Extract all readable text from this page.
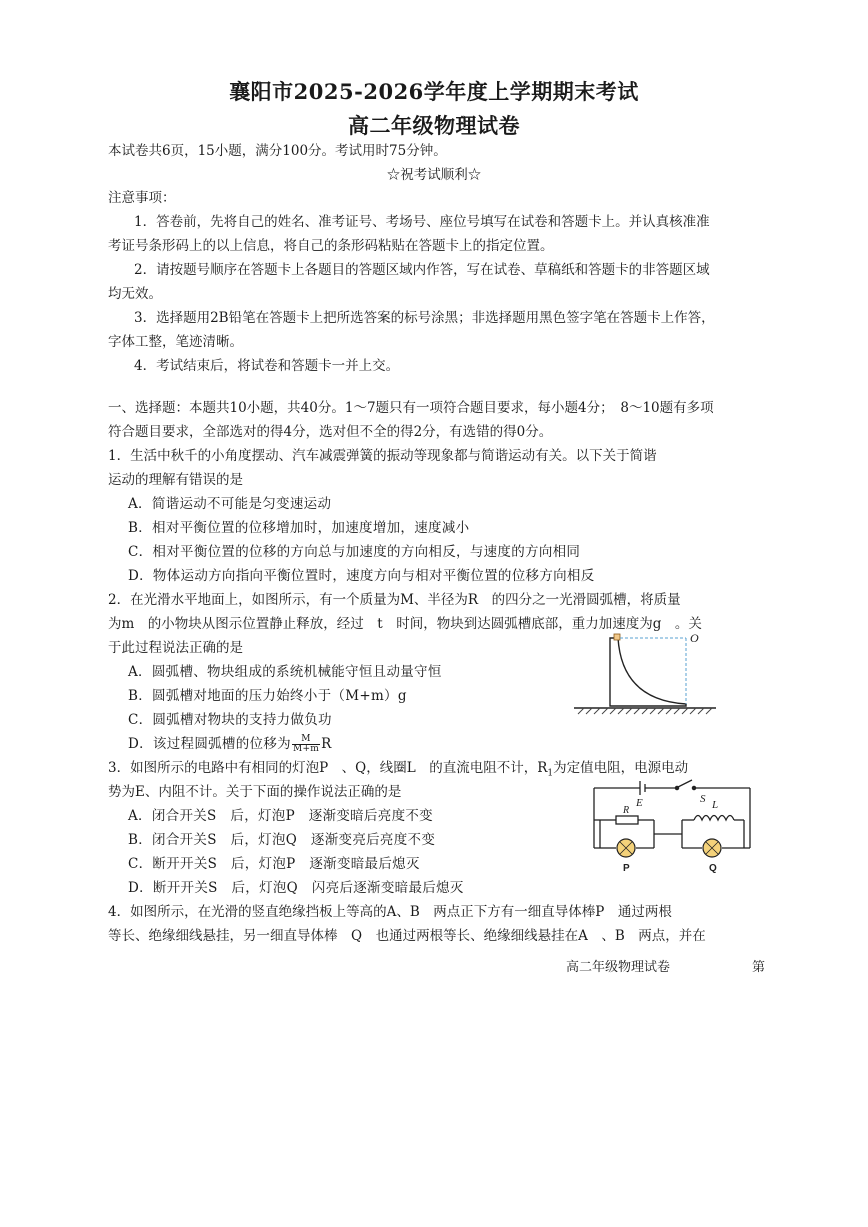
襄阳市2025-2026学年度上学期期末考试
高二年级物理试卷
本试卷共6页，15小题，满分100分。考试用时75分钟。
☆祝考试顺利☆
注意事项：
1．答卷前，先将自己的姓名、准考证号、考场号、座位号填写在试卷和答题卡上。并认真核准准
考证号条形码上的以上信息，将自己的条形码粘贴在答题卡上的指定位置。
2．请按题号顺序在答题卡上各题目的答题区域内作答，写在试卷、草稿纸和答题卡的非答题区域
均无效。
3．选择题用2B铅笔在答题卡上把所选答案的标号涂黑；非选择题用黑色签字笔在答题卡上作答，
字体工整，笔迹清晰。
4．考试结束后，将试卷和答题卡一并上交。
一、选择题：本题共10小题，共40分。1～7题只有一项符合题目要求，每小题4分；　8～10题有多项
符合题目要求，全部选对的得4分，选对但不全的得2分，有选错的得0分。
1．生活中秋千的小角度摆动、汽车减震弹簧的振动等现象都与简谐运动有关。以下关于简谐
运动的理解有错误的是
A．简谐运动不可能是匀变速运动
B．相对平衡位置的位移增加时，加速度增加，速度减小
C．相对平衡位置的位移的方向总与加速度的方向相反，与速度的方向相同
D．物体运动方向指向平衡位置时，速度方向与相对平衡位置的位移方向相反
2．在光滑水平地面上，如图所示，有一个质量为M、半径为R　的四分之一光滑圆弧槽，将质量
为m　的小物块从图示位置静止释放，经过　t　时间，物块到达圆弧槽底部，重力加速度为g　。关
于此过程说法正确的是
A．圆弧槽、物块组成的系统机械能守恒且动量守恒
B．圆弧槽对地面的压力始终小于（M+m）g
C．圆弧槽对物块的支持力做负功
D．该过程圆弧槽的位移为 $\frac{M}{M+m}$ R
O
3．如图所示的电路中有相同的灯泡P　、Q，线圈L　的直流电阻不计，$R_1$为定值电阻，电源电动
势为E、内阻不计。关于下面的操作说法正确的是
A．闭合开关S　后，灯泡P　逐渐变暗后亮度不变
B．闭合开关S　后，灯泡Q　逐渐变亮后亮度不变
C．断开开关S　后，灯泡P　逐渐变暗最后熄灭
D．断开开关S　后，灯泡Q　闪亮后逐渐变暗最后熄灭
P	Q
E	S L
R
4．如图所示，在光滑的竖直绝缘挡板上等高的A、B　两点正下方有一细直导体棒P　通过两根
等长、绝缘细线悬挂，另一细直导体棒　Q　也通过两根等长、绝缘细线悬挂在A　、B　两点，并在
高二年级物理试卷	第
